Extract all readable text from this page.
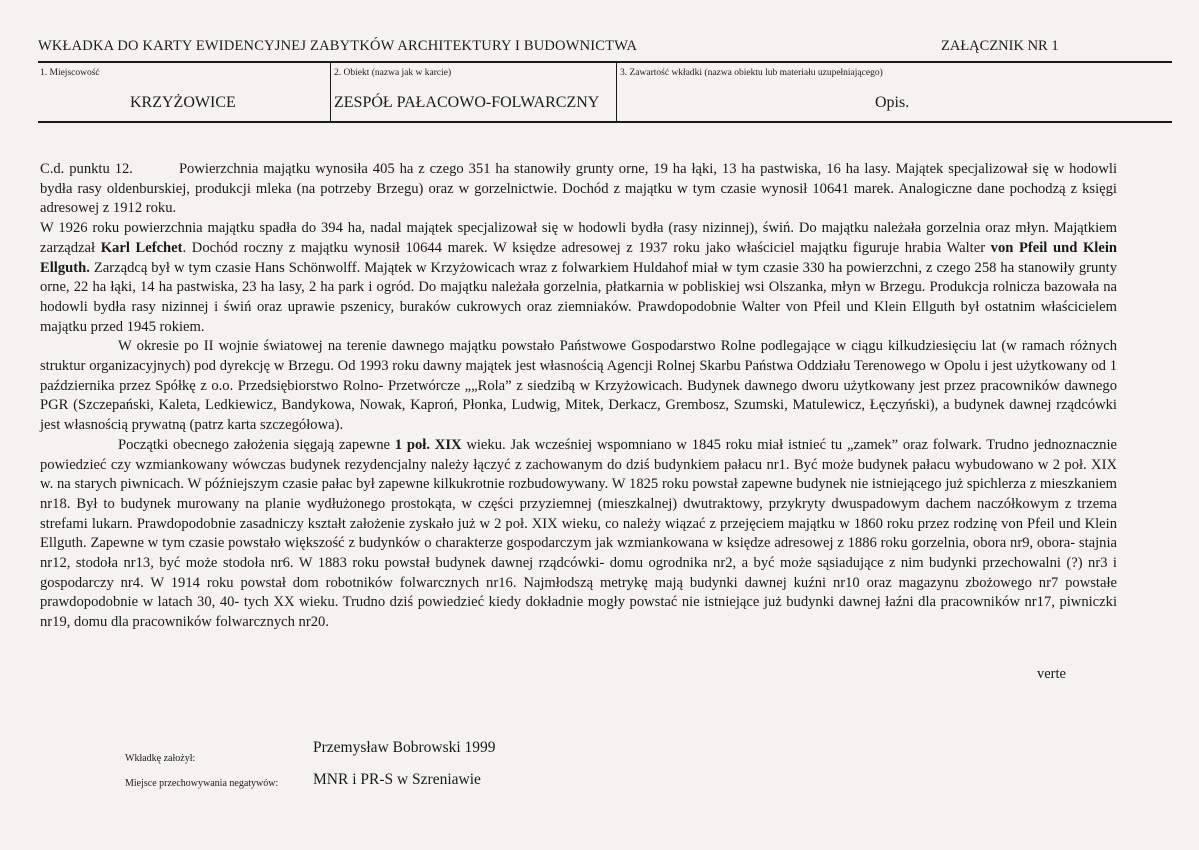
WKŁADKA DO KARTY EWIDENCYJNEJ ZABYTKÓW ARCHITEKTURY I BUDOWNICTWA	ZAŁĄCZNIK NR 1
1. Miejscowość
KRZYŻOWICE
2. Obiekt (nazwa jak w karcie)
ZESPÓŁ PAŁACOWO-FOLWARCZNY
3. Zawartość wkładki (nazwa obiektu lub materiału uzupełniającego)
Opis.

C.d. punktu 12.	Powierzchnia majątku wynosiła 405 ha z czego 351 ha stanowiły grunty orne, 19 ha łąki, 13 ha pastwiska, 16 ha lasy. Majątek specjalizował się w hodowli bydła rasy oldenburskiej, produkcji mleka (na potrzeby Brzegu) oraz w gorzelnictwie. Dochód z majątku w tym czasie wynosił 10641 marek. Analogiczne dane pochodzą z księgi adresowej z 1912 roku.

W 1926 roku powierzchnia majątku spadła do 394 ha, nadal majątek specjalizował się w hodowli bydła (rasy nizinnej), świń. Do majątku należała gorzelnia oraz młyn. Majątkiem zarządzał Karl Lefchet. Dochód roczny z majątku wynosił 10644 marek. W księdze adresowej z 1937 roku jako właściciel majątku figuruje hrabia Walter von Pfeil und Klein Ellguth. Zarządcą był w tym czasie Hans Schönwolff. Majątek w Krzyżowicach wraz z folwarkiem Huldahof miał w tym czasie 330 ha powierzchni, z czego 258 ha stanowiły grunty orne, 22 ha łąki, 14 ha pastwiska, 23 ha lasy, 2 ha park i ogród. Do majątku należała gorzelnia, płatkarnia w pobliskiej wsi Olszanka, młyn w Brzegu. Produkcja rolnicza bazowała na hodowli bydła rasy nizinnej i świń oraz uprawie pszenicy, buraków cukrowych oraz ziemniaków. Prawdopodobnie Walter von Pfeil und Klein Ellguth był ostatnim właścicielem majątku przed 1945 rokiem.

W okresie po II wojnie światowej na terenie dawnego majątku powstało Państwowe Gospodarstwo Rolne podlegające w ciągu kilkudziesięciu lat (w ramach różnych struktur organizacyjnych) pod dyrekcję w Brzegu. Od 1993 roku dawny majątek jest własnością Agencji Rolnej Skarbu Państwa Oddziału Terenowego w Opolu i jest użytkowany od 1 października przez Spółkę z o.o. Przedsiębiorstwo Rolno- Przetwórcze „„Rola” z siedzibą w Krzyżowicach. Budynek dawnego dworu użytkowany jest przez pracowników dawnego PGR (Szczepański, Kaleta, Ledkiewicz, Bandykowa, Nowak, Kaproń, Płonka, Ludwig, Mitek, Derkacz, Grembosz, Szumski, Matulewicz, Łęczyński), a budynek dawnej rządcówki jest własnością prywatną (patrz karta szczegółowa).

Początki obecnego założenia sięgają zapewne 1 poł. XIX wieku. Jak wcześniej wspomniano w 1845 roku miał istnieć tu „zamek” oraz folwark. Trudno jednoznacznie powiedzieć czy wzmiankowany wówczas budynek rezydencjalny należy łączyć z zachowanym do dziś budynkiem pałacu nr1. Być może budynek pałacu wybudowano w 2 poł. XIX w. na starych piwnicach. W późniejszym czasie pałac był zapewne kilkukrotnie rozbudowywany. W 1825 roku powstał zapewne budynek nie istniejącego już spichlerza z mieszkaniem nr18. Był to budynek murowany na planie wydłużonego prostokąta, w części przyziemnej (mieszkalnej) dwutraktowy, przykryty dwuspadowym dachem naczółkowym z trzema strefami lukarn. Prawdopodobnie zasadniczy kształt założenie zyskało już w 2 poł. XIX wieku, co należy wiązać z przejęciem majątku w 1860 roku przez rodzinę von Pfeil und Klein Ellguth. Zapewne w tym czasie powstało większość z budynków o charakterze gospodarczym jak wzmiankowana w księdze adresowej z 1886 roku gorzelnia, obora nr9, obora- stajnia nr12, stodoła nr13, być może stodoła nr6. W 1883 roku powstał budynek dawnej rządcówki- domu ogrodnika nr2, a być może sąsiadujące z nim budynki przechowalni (?) nr3 i gospodarczy nr4. W 1914 roku powstał dom robotników folwarcznych nr16. Najmłodszą metrykę mają budynki dawnej kuźni nr10 oraz magazynu zbożowego nr7 powstałe prawdopodobnie w latach 30, 40- tych XX wieku. Trudno dziś powiedzieć kiedy dokładnie mogły powstać nie istniejące już budynki dawnej łaźni dla pracowników nr17, piwniczki nr19, domu dla pracowników folwarcznych nr20.

verte
Wkładkę założył:
Przemysław Bobrowski 1999
Miejsce przechowywania negatywów: MNR i PR-S w Szreniawie
